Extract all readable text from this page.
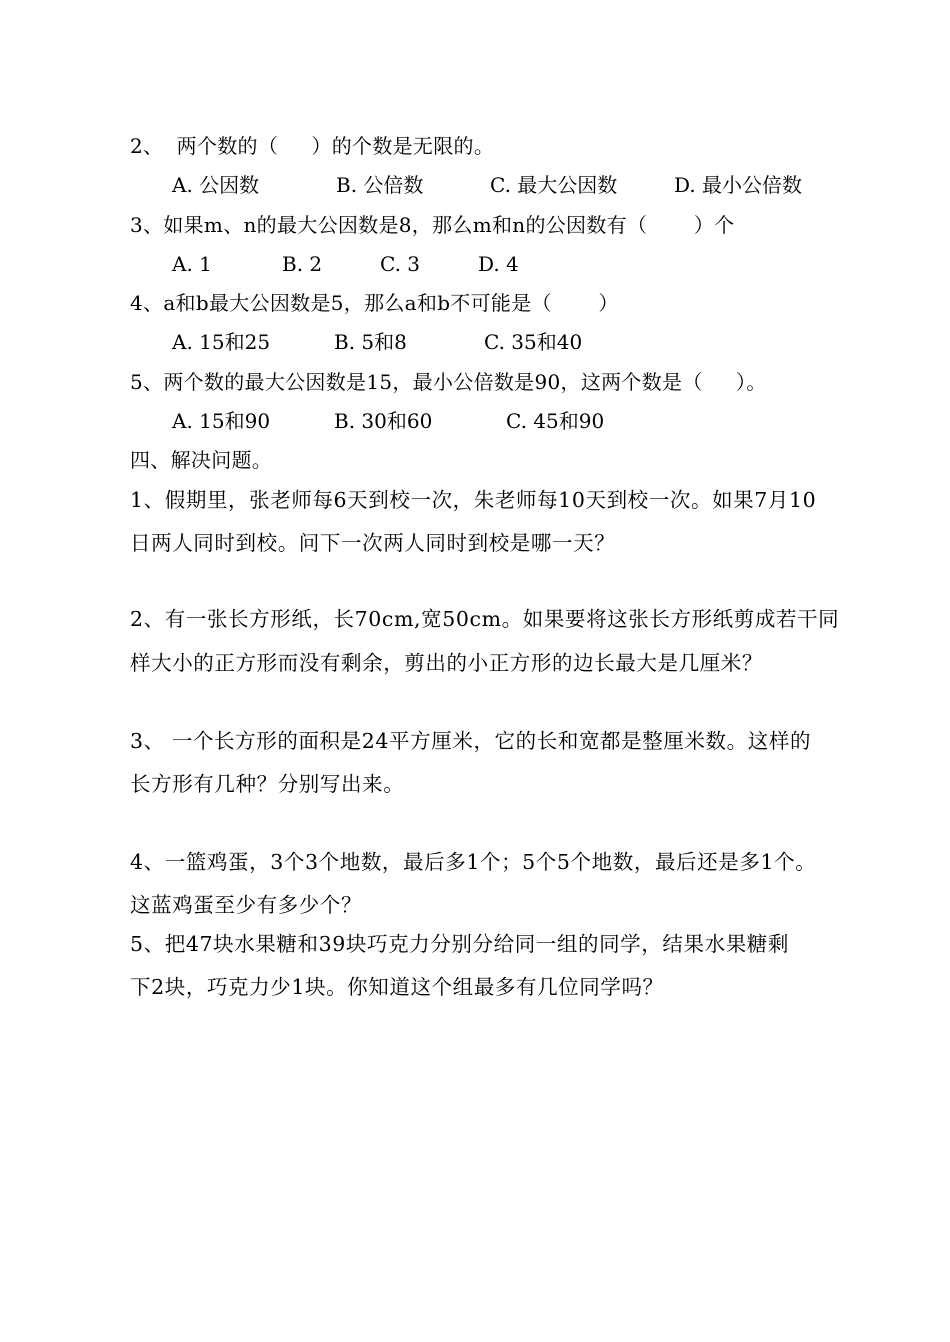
2、  两个数的（     ）的个数是无限的。

A. 公因数

	B. 公倍数

	C. 最大公因数

	D. 最小公倍数

3、如果m、n的最大公因数是8，那么m和n的公因数有（       ）个

A. 1

	B. 2

	C. 3

	D. 4

4、a和b最大公因数是5，那么a和b不可能是（       ）

A. 15和25

	B. 5和8

	C. 35和40

5、两个数的最大公因数是15，最小公倍数是90，这两个数是（     ）。

A. 15和90

	B. 30和60

	C. 45和90

四、解决问题。
1、假期里，张老师每6天到校一次，朱老师每10天到校一次。如果7月10
日两人同时到校。问下一次两人同时到校是哪一天？
2、有一张长方形纸，长70cm,宽50cm。如果要将这张长方形纸剪成若干同
样大小的正方形而没有剩余，剪出的小正方形的边长最大是几厘米？
3、 一个长方形的面积是24平方厘米，它的长和宽都是整厘米数。这样的
长方形有几种？分别写出来。
4、一篮鸡蛋，3个3个地数，最后多1个；5个5个地数，最后还是多1个。
这蓝鸡蛋至少有多少个？
5、把47块水果糖和39块巧克力分别分给同一组的同学，结果水果糖剩
下2块，巧克力少1块。你知道这个组最多有几位同学吗？
